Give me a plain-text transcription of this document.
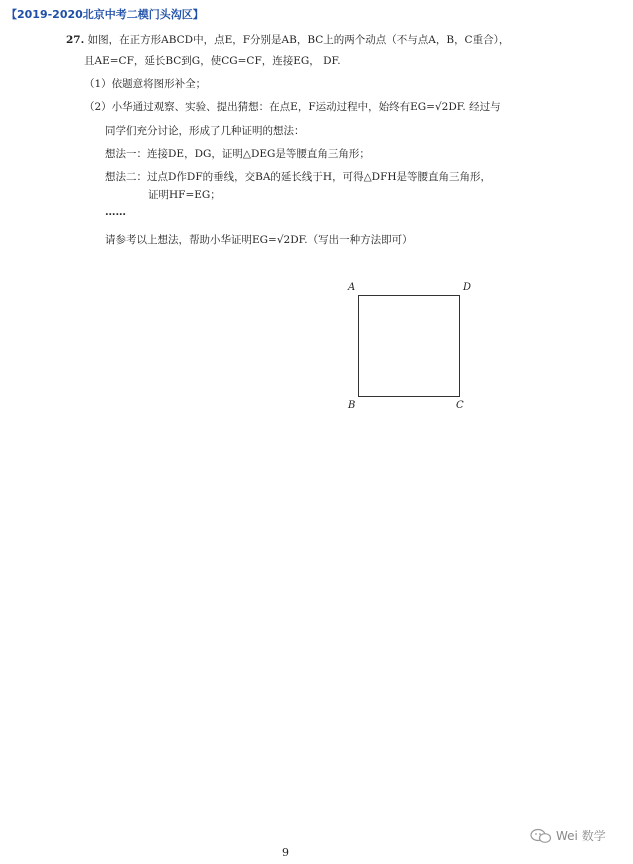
【2019-2020北京中考二模门头沟区】
27. 如图，在正方形ABCD中，点E，F分别是AB，BC上的两个动点（不与点A，B，C重合），
且AE=CF，延长BC到G，使CG=CF，连接EG， DF.
（1）依题意将图形补全；
（2）小华通过观察、实验、提出猜想：在点E，F运动过程中，始终有EG=√2DF. 经过与
同学们充分讨论，形成了几种证明的想法：
想法一：连接DE，DG，证明△DEG是等腰直角三角形；
想法二：过点D作DF的垂线，交BA的延长线于H，可得△DFH是等腰直角三角形，
证明HF=EG；
……
请参考以上想法，帮助小华证明EG=√2DF.（写出一种方法即可）
A	D
B	C
9
Wei 数学
